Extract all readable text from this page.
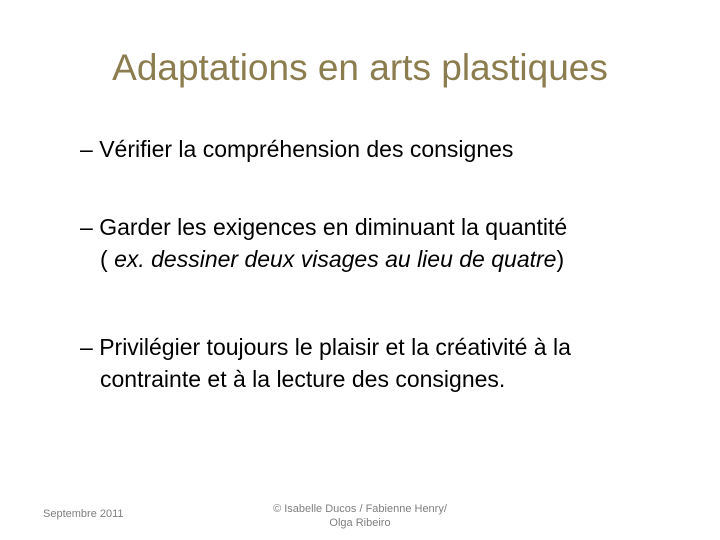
Adaptations en arts plastiques
– Vérifier la compréhension des consignes
– Garder les exigences en diminuant la quantité
( ex. dessiner deux visages au lieu de quatre)
– Privilégier toujours le plaisir et la créativité à la
contrainte et à la lecture des consignes.
Septembre 2011	© Isabelle Ducos / Fabienne Henry/
Olga Ribeiro
